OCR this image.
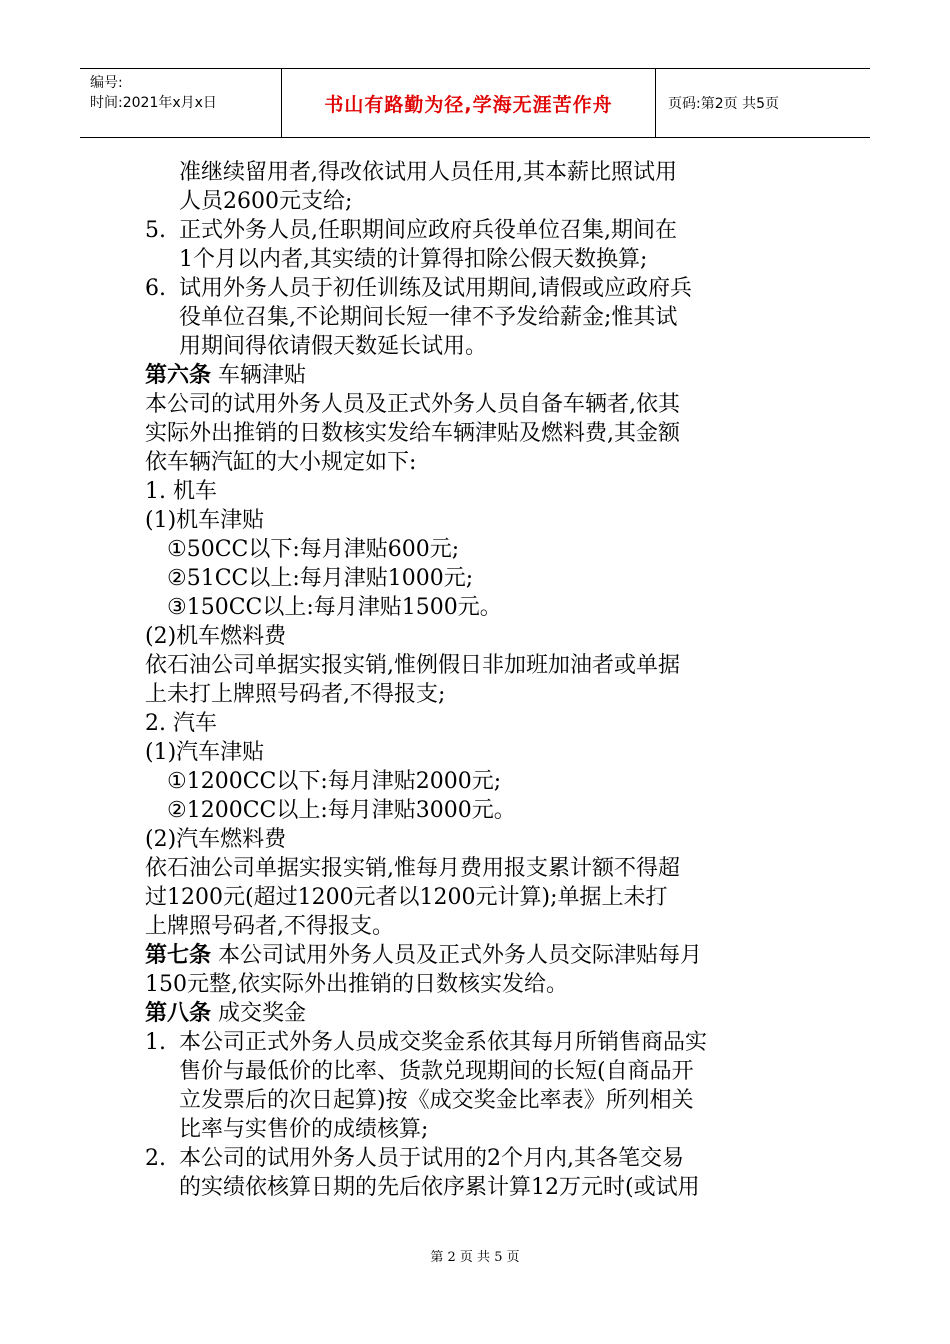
编号:
时间:2021年x月x日	书山有路勤为径,学海无涯苦作舟	页码:第2页 共5页
准继续留用者,得改依试用人员任用,其本薪比照试用
人员2600元支给;
5. 正式外务人员,任职期间应政府兵役单位召集,期间在
1个月以内者,其实绩的计算得扣除公假天数换算;
6. 试用外务人员于初任训练及试用期间,请假或应政府兵
役单位召集,不论期间长短一律不予发给薪金;惟其试
用期间得依请假天数延长试用。
第六条 车辆津贴
本公司的试用外务人员及正式外务人员自备车辆者,依其
实际外出推销的日数核实发给车辆津贴及燃料费,其金额
依车辆汽缸的大小规定如下:
1. 机车
(1)机车津贴
①50CC以下:每月津贴600元;
②51CC以上:每月津贴1000元;
③150CC以上:每月津贴1500元。
(2)机车燃料费
依石油公司单据实报实销,惟例假日非加班加油者或单据
上未打上牌照号码者,不得报支;
2. 汽车
(1)汽车津贴
①1200CC以下:每月津贴2000元;
②1200CC以上:每月津贴3000元。
(2)汽车燃料费
依石油公司单据实报实销,惟每月费用报支累计额不得超
过1200元(超过1200元者以1200元计算);单据上未打
上牌照号码者,不得报支。
第七条 本公司试用外务人员及正式外务人员交际津贴每月
150元整,依实际外出推销的日数核实发给。
第八条 成交奖金
1. 本公司正式外务人员成交奖金系依其每月所销售商品实
售价与最低价的比率、货款兑现期间的长短(自商品开
立发票后的次日起算)按《成交奖金比率表》所列相关
比率与实售价的成绩核算;
2. 本公司的试用外务人员于试用的2个月内,其各笔交易
的实绩依核算日期的先后依序累计算12万元时(或试用
第 2 页 共 5 页
